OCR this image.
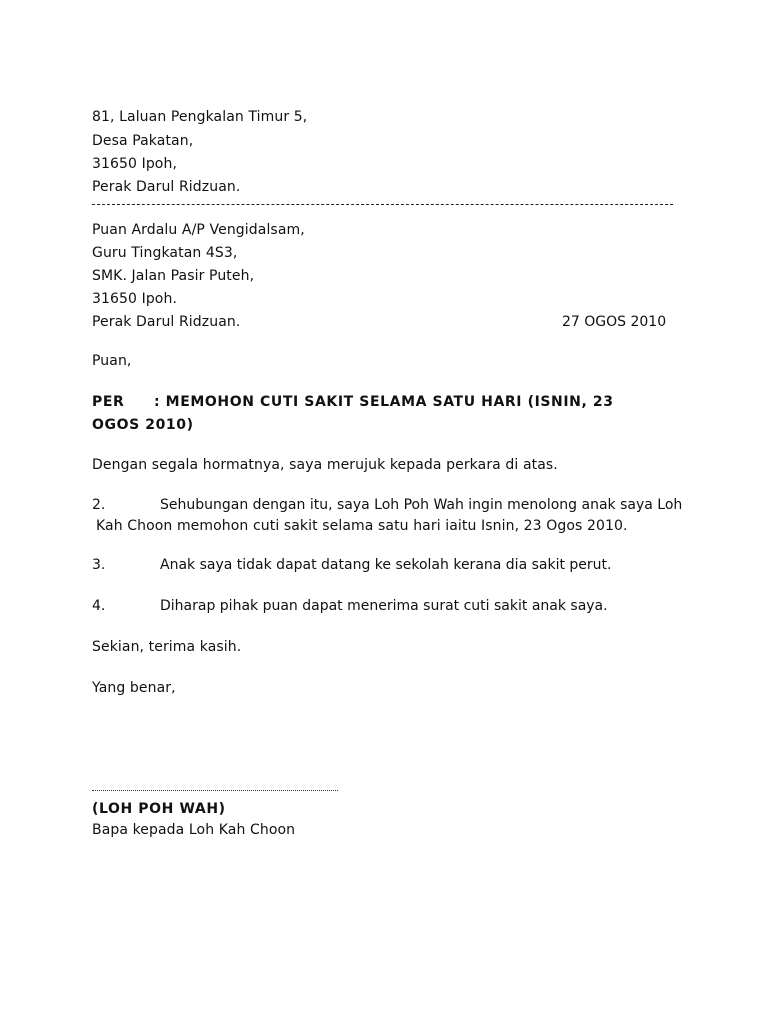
81, Laluan Pengkalan Timur 5,
Desa Pakatan,
31650 Ipoh,
Perak Darul Ridzuan.
Puan Ardalu A/P Vengidalsam,
Guru Tingkatan 4S3,
SMK. Jalan Pasir Puteh,
31650 Ipoh.
Perak Darul Ridzuan.	27 OGOS 2010
Puan,
PER : MEMOHON CUTI SAKIT SELAMA SATU HARI (ISNIN, 23
OGOS 2010)
Dengan segala hormatnya, saya merujuk kepada perkara di atas.
2.	Sehubungan dengan itu, saya Loh Poh Wah ingin menolong anak saya Loh
Kah Choon memohon cuti sakit selama satu hari iaitu Isnin, 23 Ogos 2010.
3.	Anak saya tidak dapat datang ke sekolah kerana dia sakit perut.
4.	Diharap pihak puan dapat menerima surat cuti sakit anak saya.
Sekian, terima kasih.
Yang benar,
(LOH POH WAH)
Bapa kepada Loh Kah Choon
